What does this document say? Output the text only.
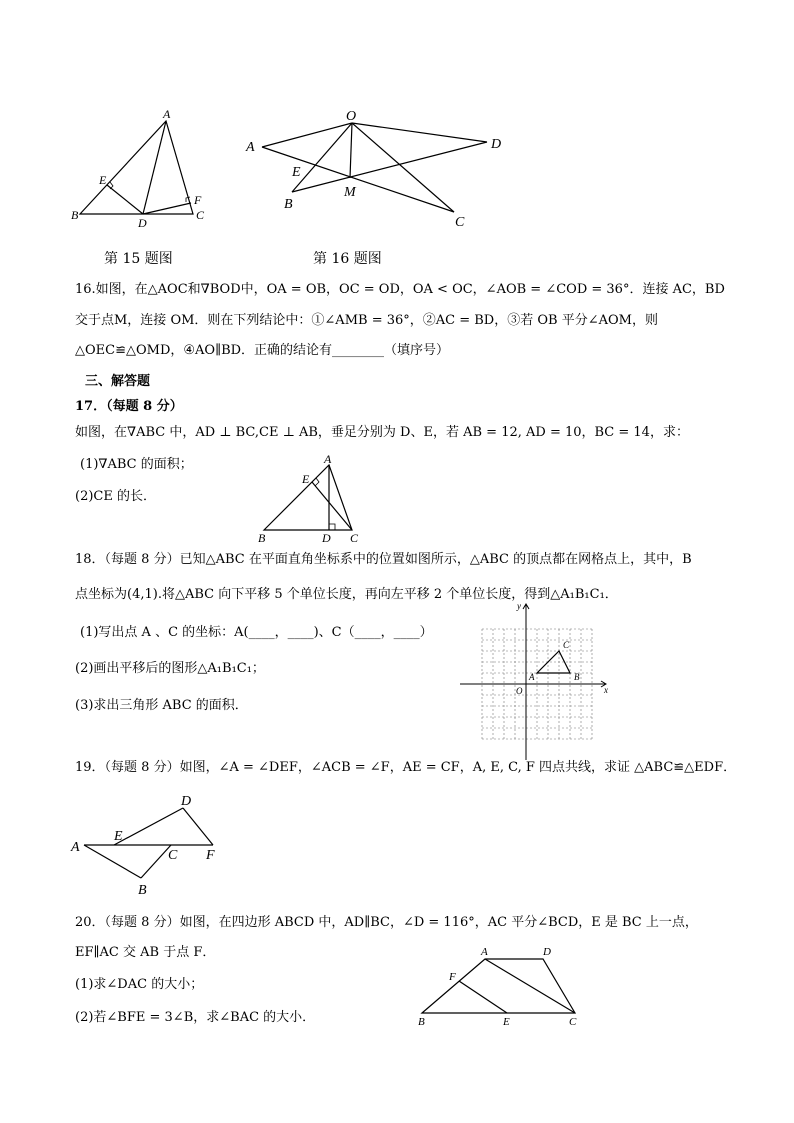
A
B	C
D
E
F
O
A
B
C
D
E
M
第 15 题图	第 16 题图
16.如图，在△AOC和∇BOD中，OA = OB，OC = OD，OA < OC，∠AOB = ∠COD = 36°．连接 AC，BD
交于点M，连接 OM．则在下列结论中：①∠AMB = 36°，②AC = BD，③若 OB 平分∠AOM，则
△OEC≌△OMD，④AO∥BD．正确的结论有________（填序号）
三、解答题
17．（每题 8 分）
如图，在∇ABC 中，AD ⊥ BC,CE ⊥ AB，垂足分别为 D、E，若 AB = 12, AD = 10，BC = 14，求：
(1)∇ABC 的面积；
(2)CE 的长．
A
B	C
D
E
18．（每题 8 分）已知△ABC 在平面直角坐标系中的位置如图所示，△ABC 的顶点都在网格点上，其中，B
点坐标为(4,1).将△ABC 向下平移 5 个单位长度，再向左平移 2 个单位长度，得到△A₁B₁C₁．
(1)写出点 A 、C 的坐标：A(____，____)、C（____，____）
(2)画出平移后的图形△A₁B₁C₁；
(3)求出三角形 ABC 的面积．
x
y
O
A	B
C
19．（每题 8 分）如图，∠A = ∠DEF，∠ACB = ∠F，AE = CF，A, E, C, F 四点共线，求证 △ABC≌△EDF．
A
B
C
D
E
F
20．（每题 8 分）如图，在四边形 ABCD 中，AD∥BC，∠D = 116°，AC 平分∠BCD，E 是 BC 上一点，
EF∥AC 交 AB 于点 F．
(1)求∠DAC 的大小；
(2)若∠BFE = 3∠B，求∠BAC 的大小．
A
B	C
D
E
F
